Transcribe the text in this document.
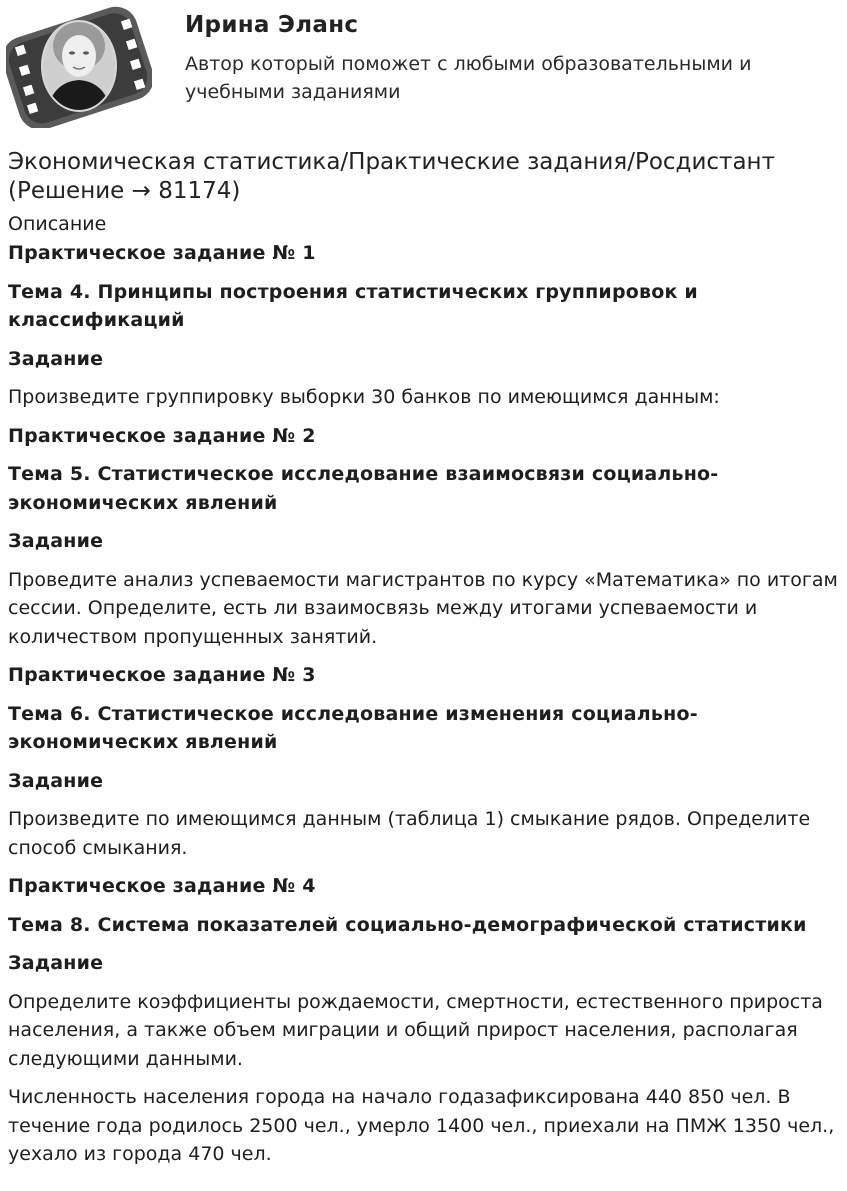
Ирина Эланс
Автор который поможет с любыми образовательными и учебными заданиями
Экономическая статистика/Практические задания/Росдистант (Решение → 81174)
Описание

Практическое задание № 1

Тема 4. Принципы построения статистических группировок и классификаций

Задание

Произведите группировку выборки 30 банков по имеющимся данным:

Практическое задание № 2

Тема 5. Статистическое исследование взаимосвязи социально-экономических явлений

Задание

Проведите анализ успеваемости магистрантов по курсу «Математика» по итогам сессии. Определите, есть ли взаимосвязь между итогами успеваемости и количеством пропущенных занятий.

Практическое задание № 3

Тема 6. Статистическое исследование изменения социально-экономических явлений

Задание

Произведите по имеющимся данным (таблица 1) смыкание рядов. Определите способ смыкания.

Практическое задание № 4

Тема 8. Система показателей социально-демографической статистики

Задание

Определите коэффициенты рождаемости, смертности, естественного прироста населения, а также объем миграции и общий прирост населения, располагая следующими данными.

Численность населения города на начало годазафиксирована 440 850 чел. В течение года родилось 2500 чел., умерло 1400 чел., приехали на ПМЖ 1350 чел., уехало из города 470 чел.
